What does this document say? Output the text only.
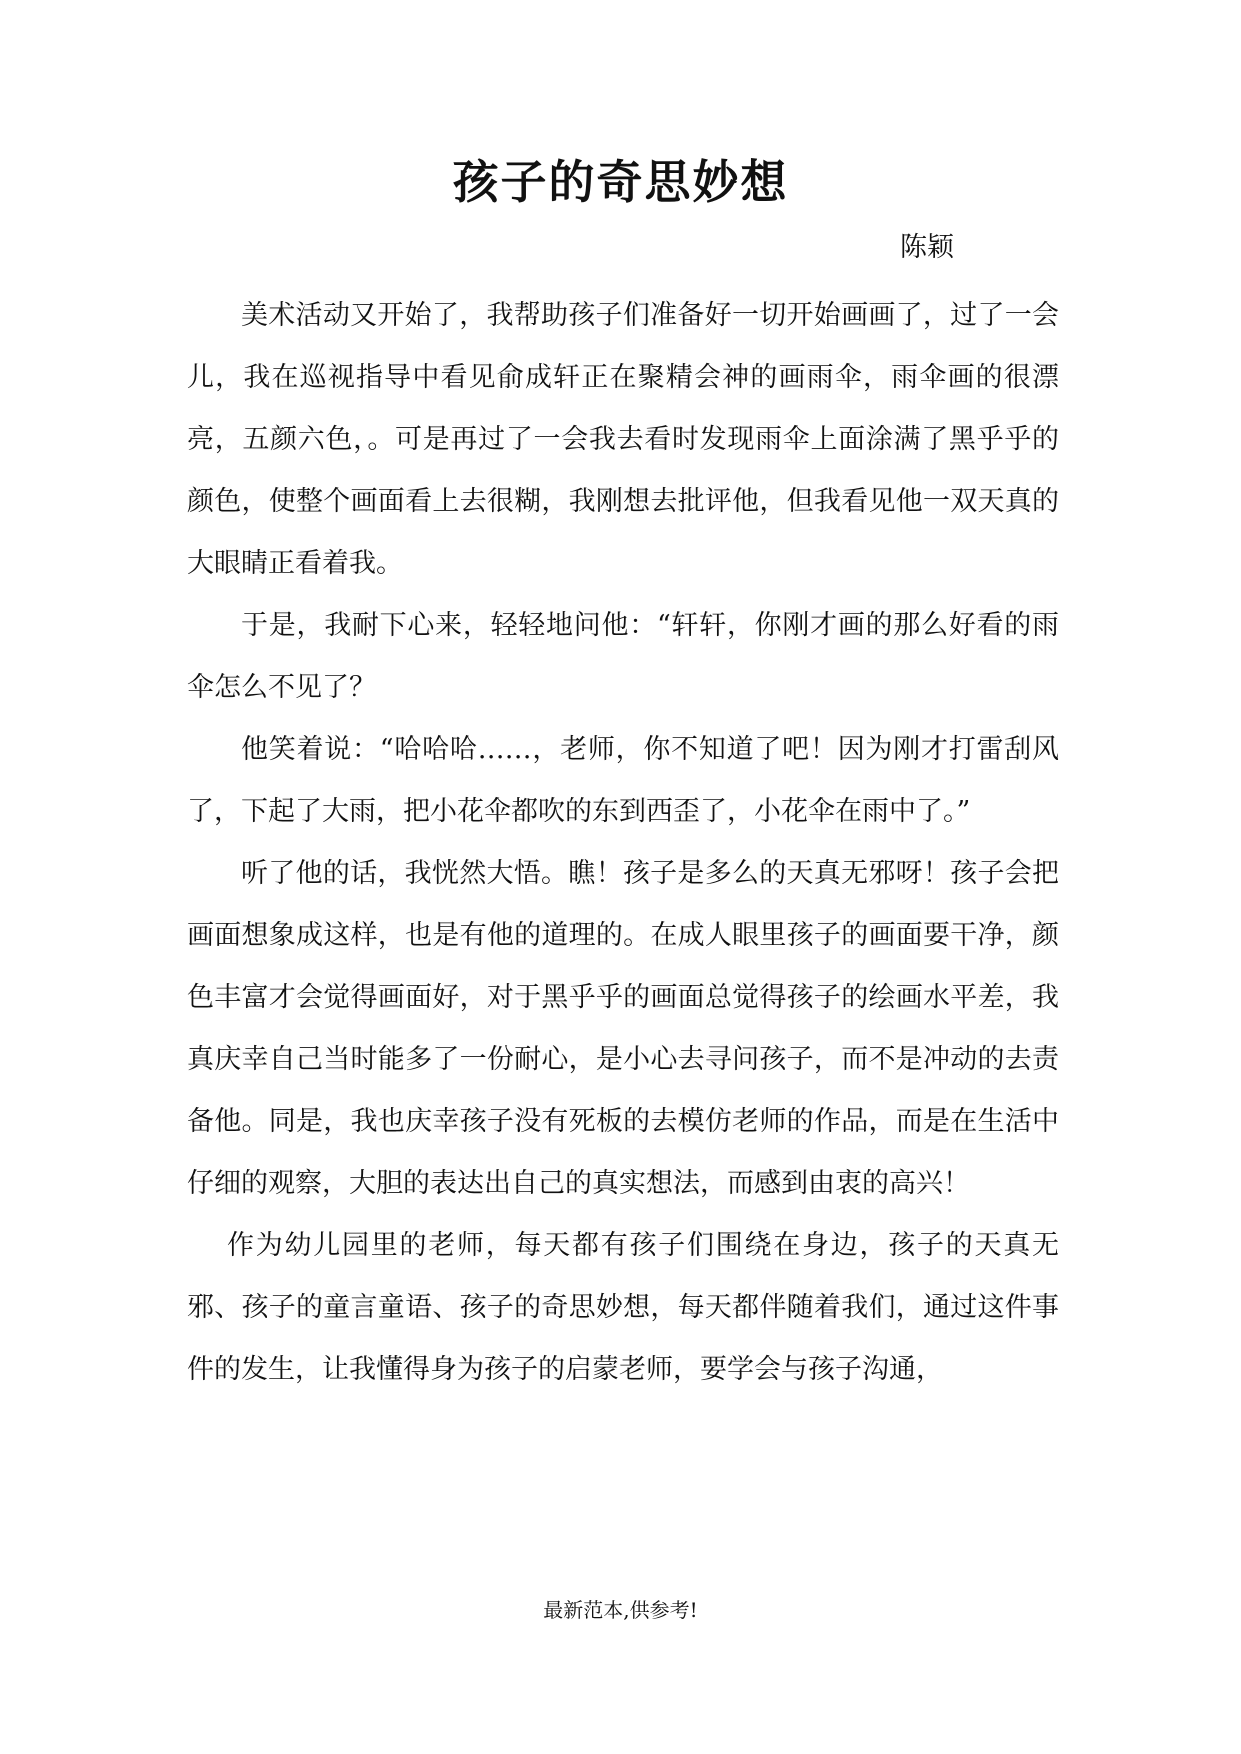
孩子的奇思妙想

陈颖

美术活动又开始了，我帮助孩子们准备好一切开始画画了，过了一会儿，我在巡视指导中看见俞成轩正在聚精会神的画雨伞，雨伞画的很漂亮，五颜六色，。可是再过了一会我去看时发现雨伞上面涂满了黑乎乎的颜色，使整个画面看上去很糊，我刚想去批评他，但我看见他一双天真的大眼睛正看着我。

于是，我耐下心来，轻轻地问他：“轩轩，你刚才画的那么好看的雨伞怎么不见了？

他笑着说：“哈哈哈……，老师，你不知道了吧！因为刚才打雷刮风了，下起了大雨，把小花伞都吹的东到西歪了，小花伞在雨中了。”

听了他的话，我恍然大悟。瞧！孩子是多么的天真无邪呀！孩子会把画面想象成这样，也是有他的道理的。在成人眼里孩子的画面要干净，颜色丰富才会觉得画面好，对于黑乎乎的画面总觉得孩子的绘画水平差，我真庆幸自己当时能多了一份耐心，是小心去寻问孩子，而不是冲动的去责备他。同是，我也庆幸孩子没有死板的去模仿老师的作品，而是在生活中仔细的观察，大胆的表达出自己的真实想法，而感到由衷的高兴！

作为幼儿园里的老师，每天都有孩子们围绕在身边，孩子的天真无邪、孩子的童言童语、孩子的奇思妙想，每天都伴随着我们，通过这件事件的发生，让我懂得身为孩子的启蒙老师，要学会与孩子沟通，

最新范本,供参考!
